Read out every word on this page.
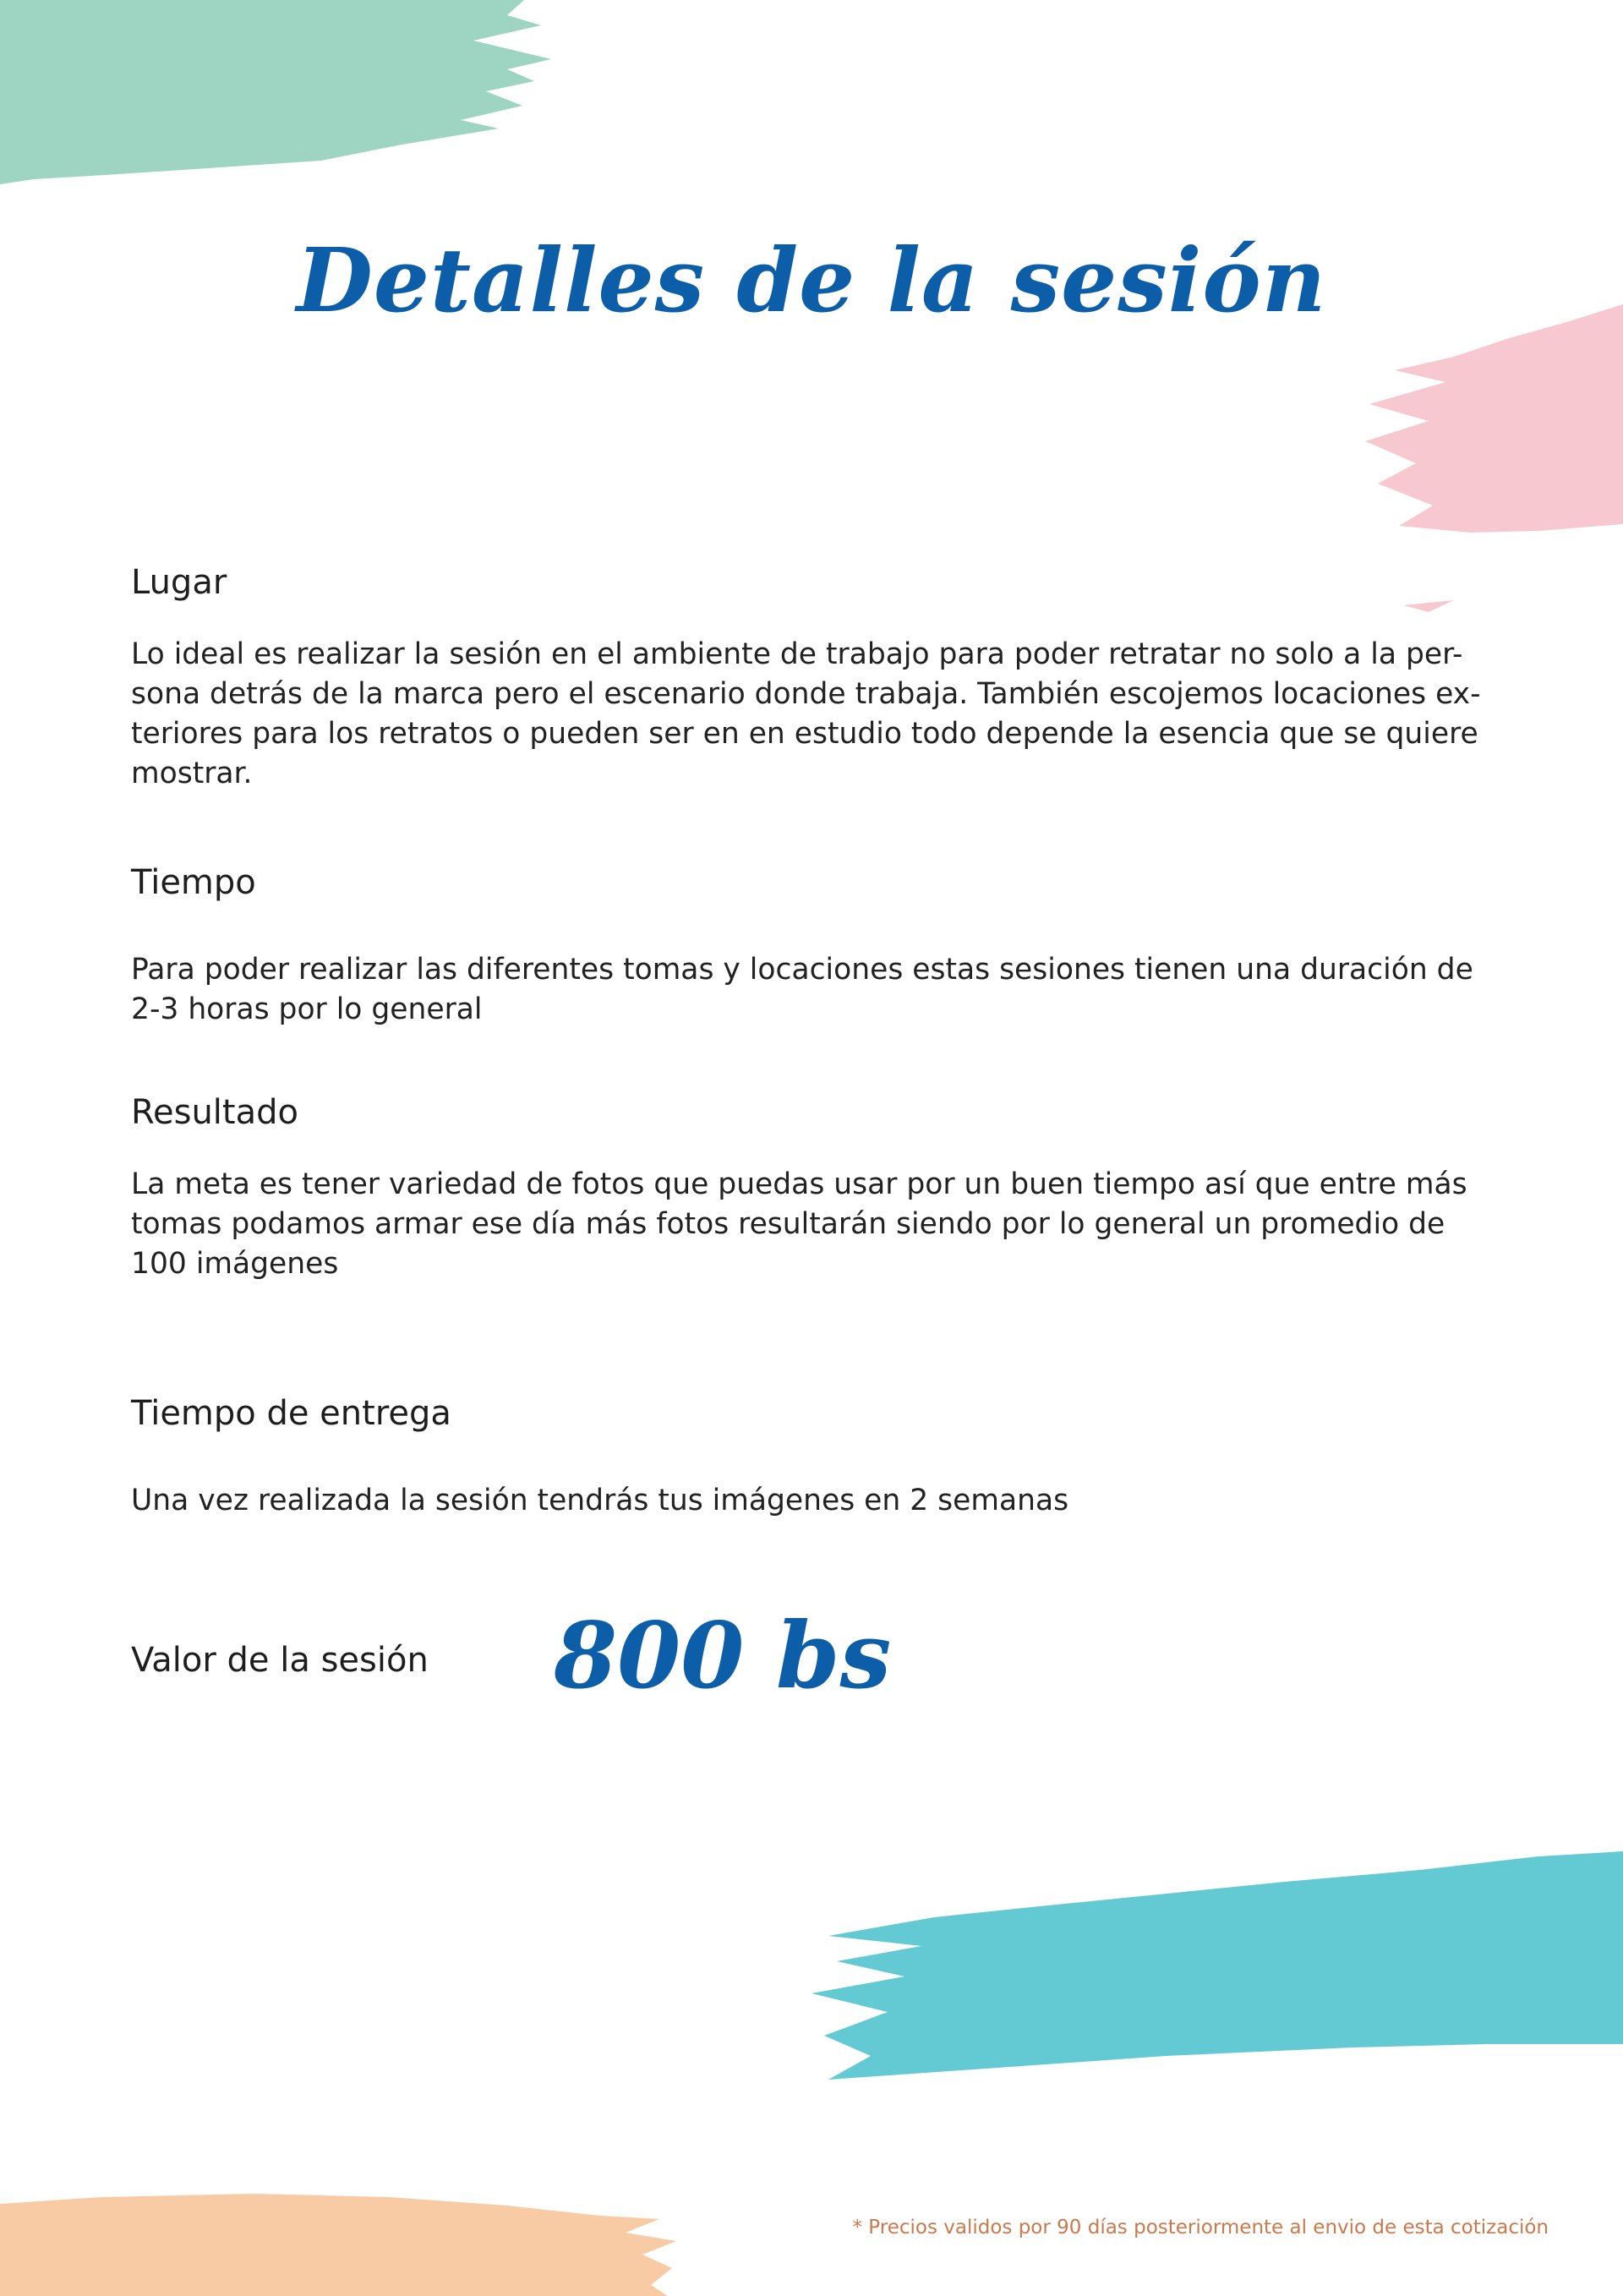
Detalles de la sesión
Lugar

Lo ideal es realizar la sesión en el ambiente de trabajo para poder retratar no solo a la per-
sona detrás de la marca pero el escenario donde trabaja. También escojemos locaciones ex-
teriores para los retratos o pueden ser en en estudio todo depende la esencia que se quiere
mostrar.

Tiempo

Para poder realizar las diferentes tomas y locaciones estas sesiones tienen una duración de
2-3 horas por lo general

Resultado

La meta es tener variedad de fotos que puedas usar por un buen tiempo así que entre más
tomas podamos armar ese día más fotos resultarán siendo por lo general un promedio de
100 imágenes

Tiempo de entrega

Una vez realizada la sesión tendrás tus imágenes en 2 semanas

Valor de la sesión 800 bs
* Precios validos por 90 días posteriormente al envio de esta cotización
